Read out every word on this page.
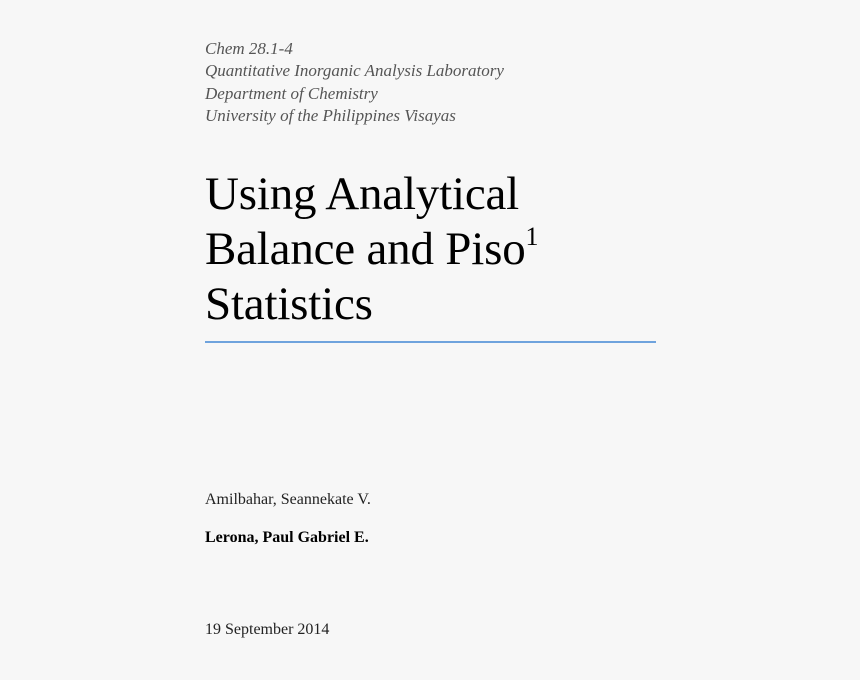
Chem 28.1-4
Quantitative Inorganic Analysis Laboratory
Department of Chemistry
University of the Philippines Visayas
Using Analytical
Balance and Piso$^1$
Statistics
Amilbahar, Seannekate V.
Lerona, Paul Gabriel E.
19 September 2014
